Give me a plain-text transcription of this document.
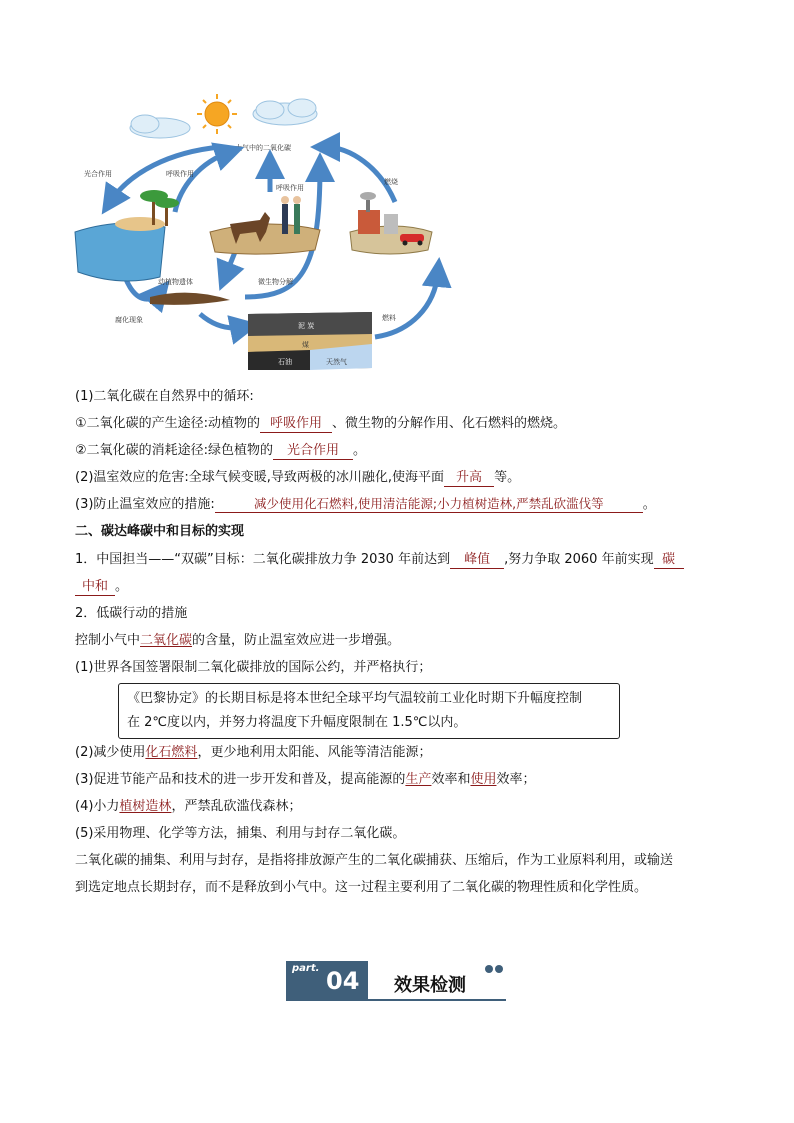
大气中的二氧化碳
光合作用	呼吸作用
呼吸作用
燃烧
动植物遗体	微生物分解
腐化现象	燃料
泥 炭
煤
石油	天然气
(1)二氧化碳在自然界中的循环:
①二氧化碳的产生途径:动植物的 呼吸作用 、微生物的分解作用、化石燃料的燃烧。
②二氧化碳的消耗途径:绿色植物的 光合作用 。
(2)温室效应的危害:全球气候变暖,导致两极的冰川融化,使海平面 升高 等。
(3)防止温室效应的措施:	减少使用化石燃料,使用清洁能源;小力植树造林,严禁乱砍滥伐等	。
二、碳达峰碳中和目标的实现
1．中国担当——“双碳”目标：二氧化碳排放力争 2030 年前达到 峰值 ,努力争取 2060 年前实现 碳
中和 。
2．低碳行动的措施
控制小气中二氧化碳的含量，防止温室效应进一步增强。
(1)世界各国签署限制二氧化碳排放的国际公约，并严格执行；
《巴黎协定》的长期目标是将本世纪全球平均气温较前工业化时期下升幅度控制
在 2℃度以内，并努力将温度下升幅度限制在 1.5℃以内。
(2)减少使用化石燃料，更少地利用太阳能、风能等清洁能源；
(3)促进节能产品和技术的进一步开发和普及，提高能源的生产效率和使用效率；
(4)小力植树造林，严禁乱砍滥伐森林；
(5)采用物理、化学等方法，捕集、利用与封存二氧化碳。
二氧化碳的捕集、利用与封存，是指将排放源产生的二氧化碳捕获、压缩后，作为工业原料利用，或输送
到选定地点长期封存，而不是释放到小气中。这一过程主要利用了二氧化碳的物理性质和化学性质。
part. 04 效果检测
